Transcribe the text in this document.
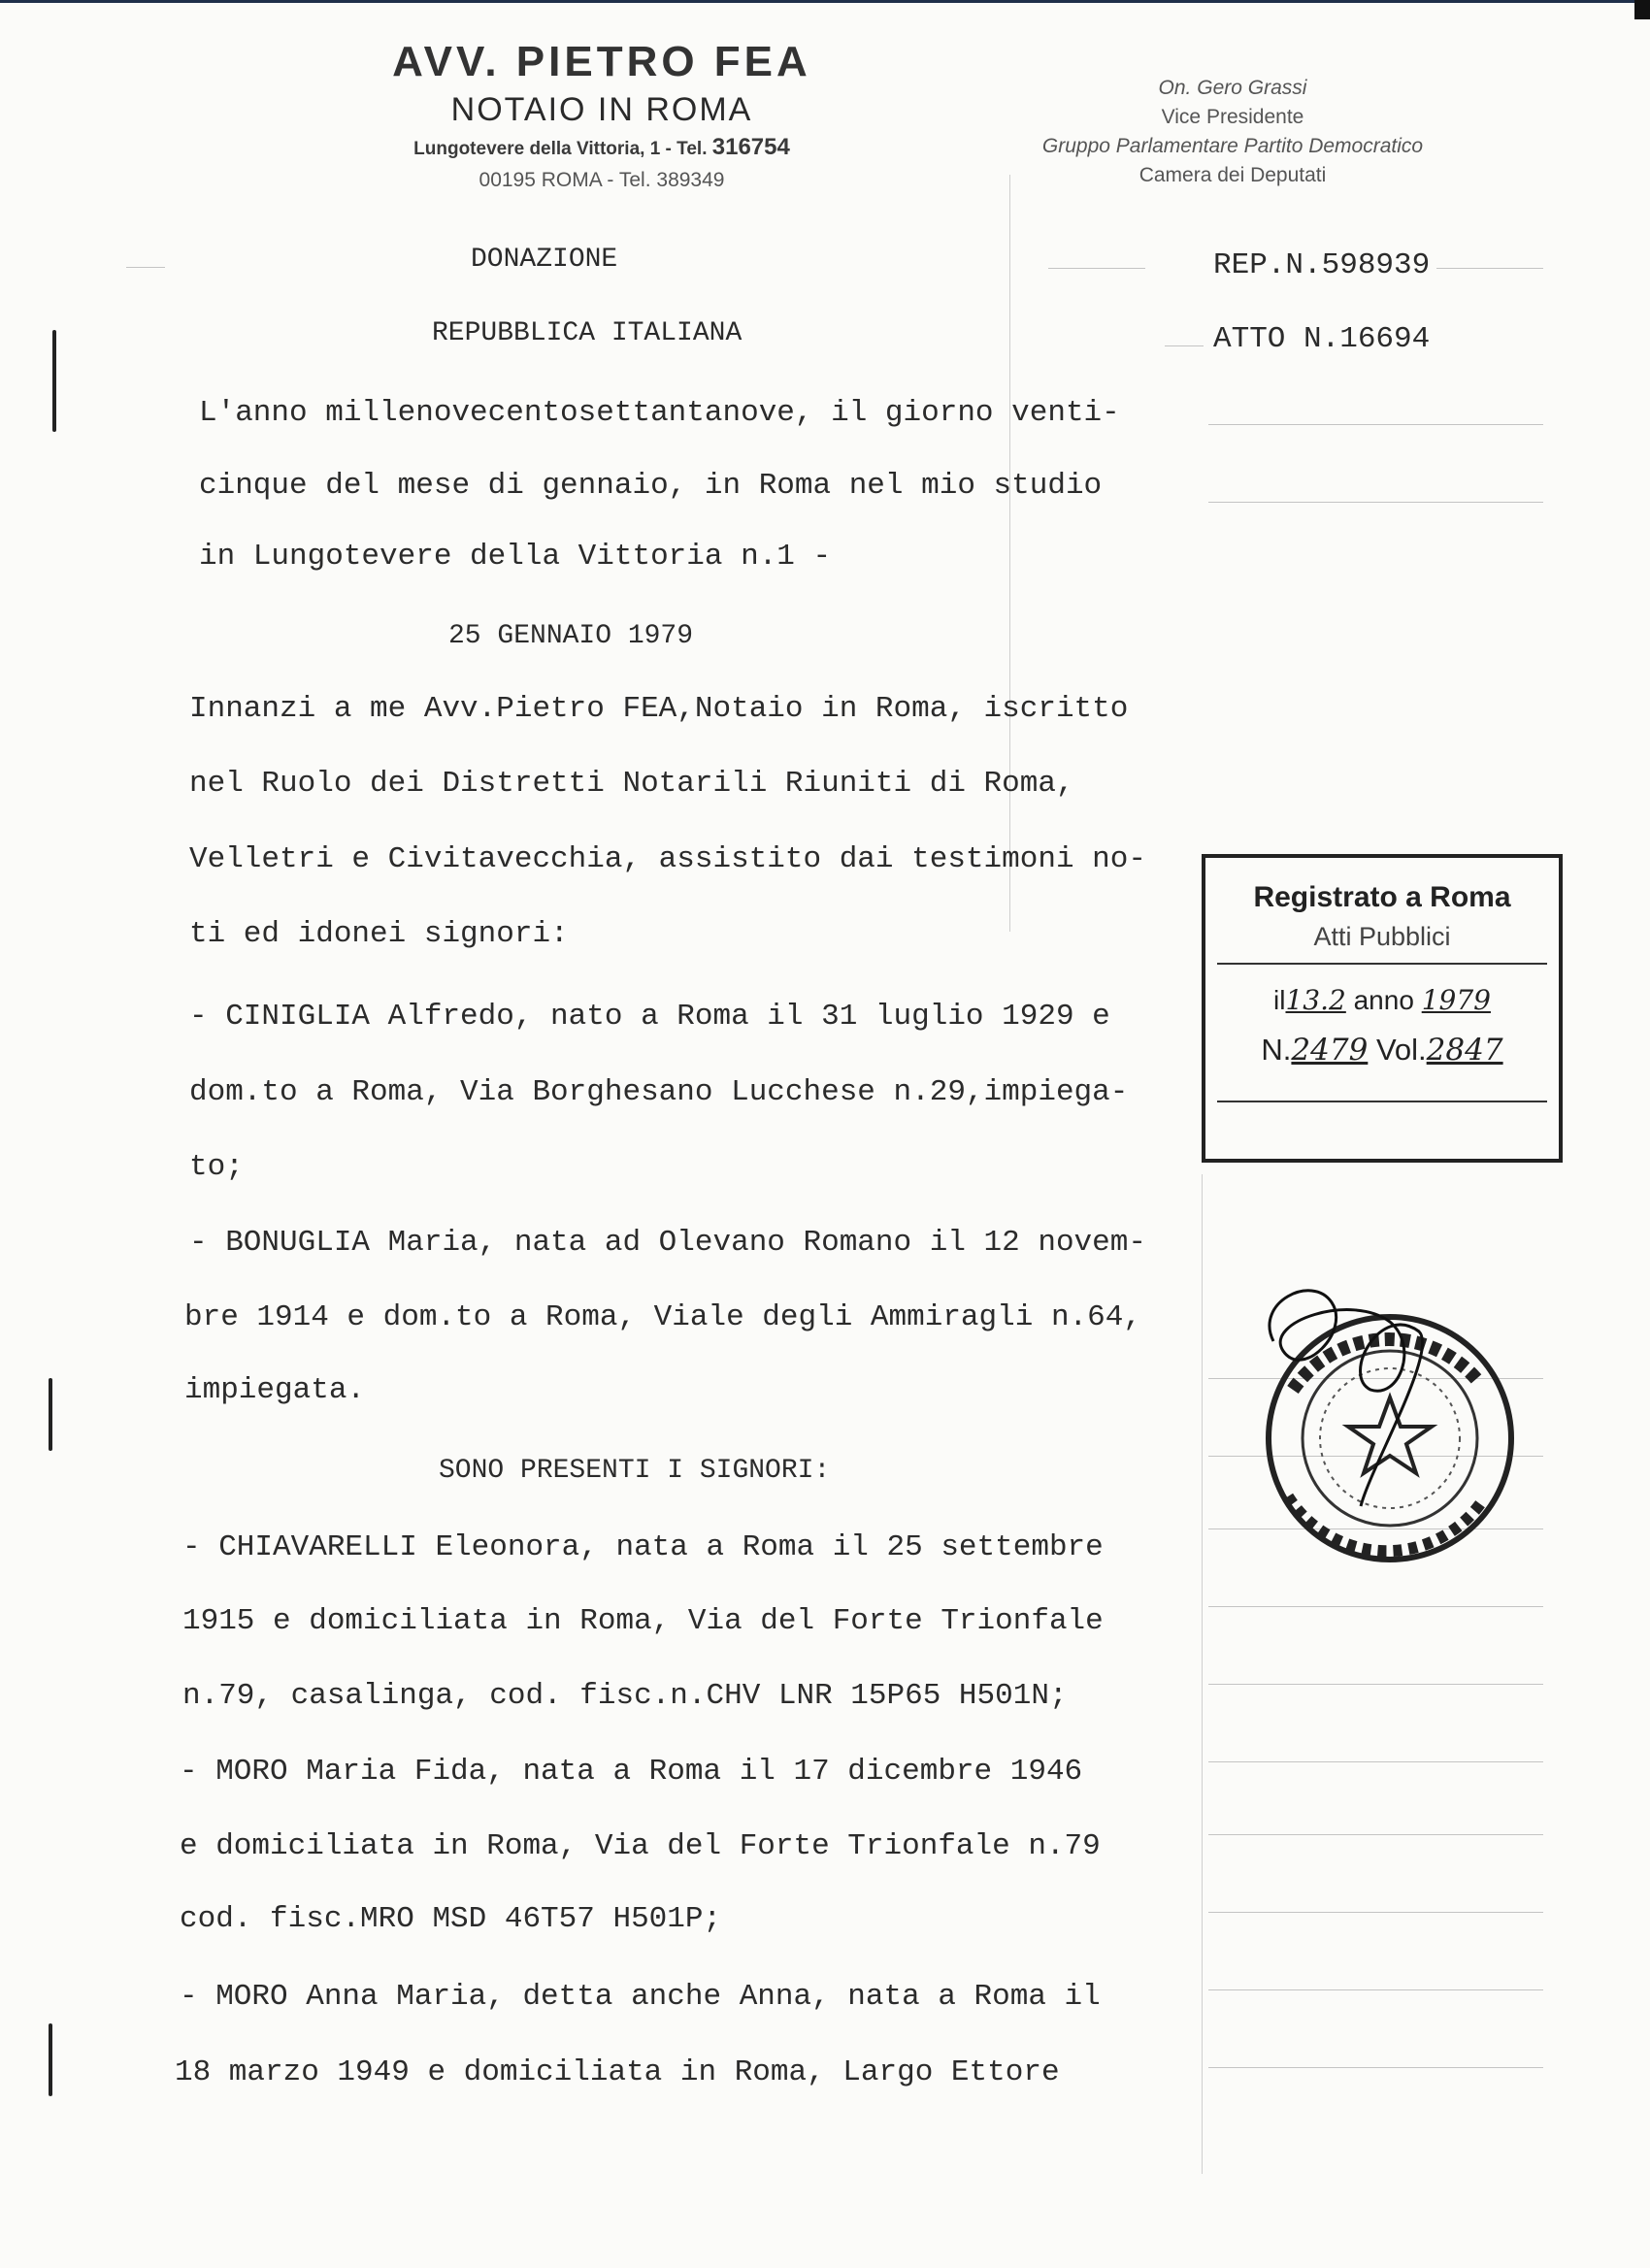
AVV. PIETRO FEA
NOTAIO IN ROMA
Lungotevere della Vittoria, 1 - Tel. 316754
00195 ROMA - Tel. 389349
On. Gero Grassi
Vice Presidente
Gruppo Parlamentare Partito Democratico
Camera dei Deputati
DONAZIONE	REP.N.598939
REPUBBLICA ITALIANA	ATTO N.16694
L'anno millenovecentosettantanove, il giorno venti-
cinque del mese di gennaio, in Roma nel mio studio
in Lungotevere della Vittoria n.1 -
25 GENNAIO 1979
Innanzi a me Avv.Pietro FEA,Notaio in Roma, iscritto
nel Ruolo dei Distretti Notarili Riuniti di Roma,
Velletri e Civitavecchia, assistito dai testimoni no-
ti ed idonei signori:
- CINIGLIA Alfredo, nato a Roma il 31 luglio 1929 e
dom.to a Roma, Via Borghesano Lucchese n.29,impiega-
to;
- BONUGLIA Maria, nata ad Olevano Romano il 12 novem-
bre 1914 e dom.to a Roma, Viale degli Ammiragli n.64,
impiegata.
SONO PRESENTI I SIGNORI:
- CHIAVARELLI Eleonora, nata a Roma il 25 settembre
1915 e domiciliata in Roma, Via del Forte Trionfale
n.79, casalinga, cod. fisc.n.CHV LNR 15P65 H501N;
- MORO Maria Fida, nata a Roma il 17 dicembre 1946
e domiciliata in Roma, Via del Forte Trionfale n.79
cod. fisc.MRO MSD 46T57 H501P;
- MORO Anna Maria, detta anche Anna, nata a Roma il
18 marzo 1949 e domiciliata in Roma, Largo Ettore
Registrato a Roma
Atti Pubblici
il13.2 anno 1979
N.2479 Vol.2847
